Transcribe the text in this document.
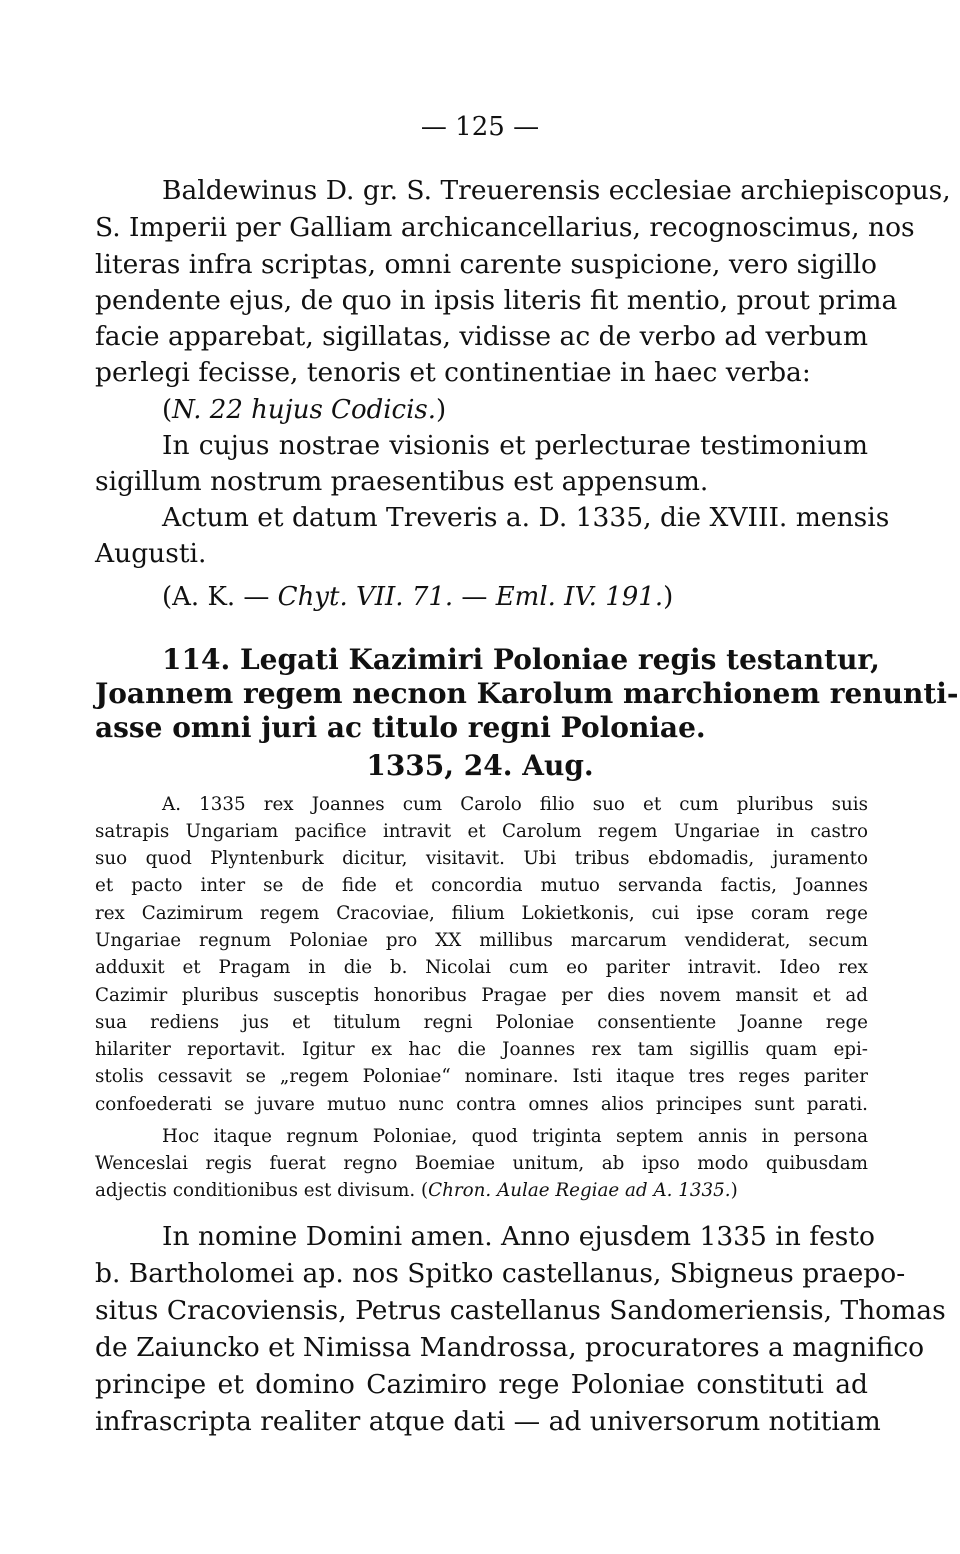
— 125 —
Baldewinus D. gr. S. Treuerensis ecclesiae archiepiscopus,
S. Imperii per Galliam archicancellarius, recognoscimus, nos
literas infra scriptas, omni carente suspicione, vero sigillo
pendente ejus, de quo in ipsis literis fit mentio, prout prima
facie apparebat, sigillatas, vidisse ac de verbo ad verbum
perlegi fecisse, tenoris et continentiae in haec verba:
(N. 22 hujus Codicis.)
In cujus nostrae visionis et perlecturae testimonium
sigillum nostrum praesentibus est appensum.
Actum et datum Treveris a. D. 1335, die XVIII. mensis
Augusti.
(A. K. — Chyt. VII. 71. — Eml. IV. 191.)
114. Legati Kazimiri Poloniae regis testantur,
Joannem regem necnon Karolum marchionem renunti-
asse omni juri ac titulo regni Poloniae.
1335, 24. Aug.
A. 1335 rex Joannes cum Carolo filio suo et cum pluribus suis
satrapis Ungariam pacifice intravit et Carolum regem Ungariae in castro
suo quod Plyntenburk dicitur, visitavit. Ubi tribus ebdomadis, juramento
et pacto inter se de fide et concordia mutuo servanda factis, Joannes
rex Cazimirum regem Cracoviae, filium Lokietkonis, cui ipse coram rege
Ungariae regnum Poloniae pro XX millibus marcarum vendiderat, secum
adduxit et Pragam in die b. Nicolai cum eo pariter intravit. Ideo rex
Cazimir pluribus susceptis honoribus Pragae per dies novem mansit et ad
sua rediens jus et titulum regni Poloniae consentiente Joanne rege
hilariter reportavit. Igitur ex hac die Joannes rex tam sigillis quam epi-
stolis cessavit se „regem Poloniae“ nominare. Isti itaque tres reges pariter
confoederati se juvare mutuo nunc contra omnes alios principes sunt parati.
Hoc itaque regnum Poloniae, quod triginta septem annis in persona
Wenceslai regis fuerat regno Boemiae unitum, ab ipso modo quibusdam
adjectis conditionibus est divisum. (Chron. Aulae Regiae ad A. 1335.)
In nomine Domini amen. Anno ejusdem 1335 in festo
b. Bartholomei ap. nos Spitko castellanus, Sbigneus praepo-
situs Cracoviensis, Petrus castellanus Sandomeriensis, Thomas
de Zaiuncko et Nimissa Mandrossa, procuratores a magnifico
principe et domino Cazimiro rege Poloniae constituti ad
infrascripta realiter atque dati — ad universorum notitiam
